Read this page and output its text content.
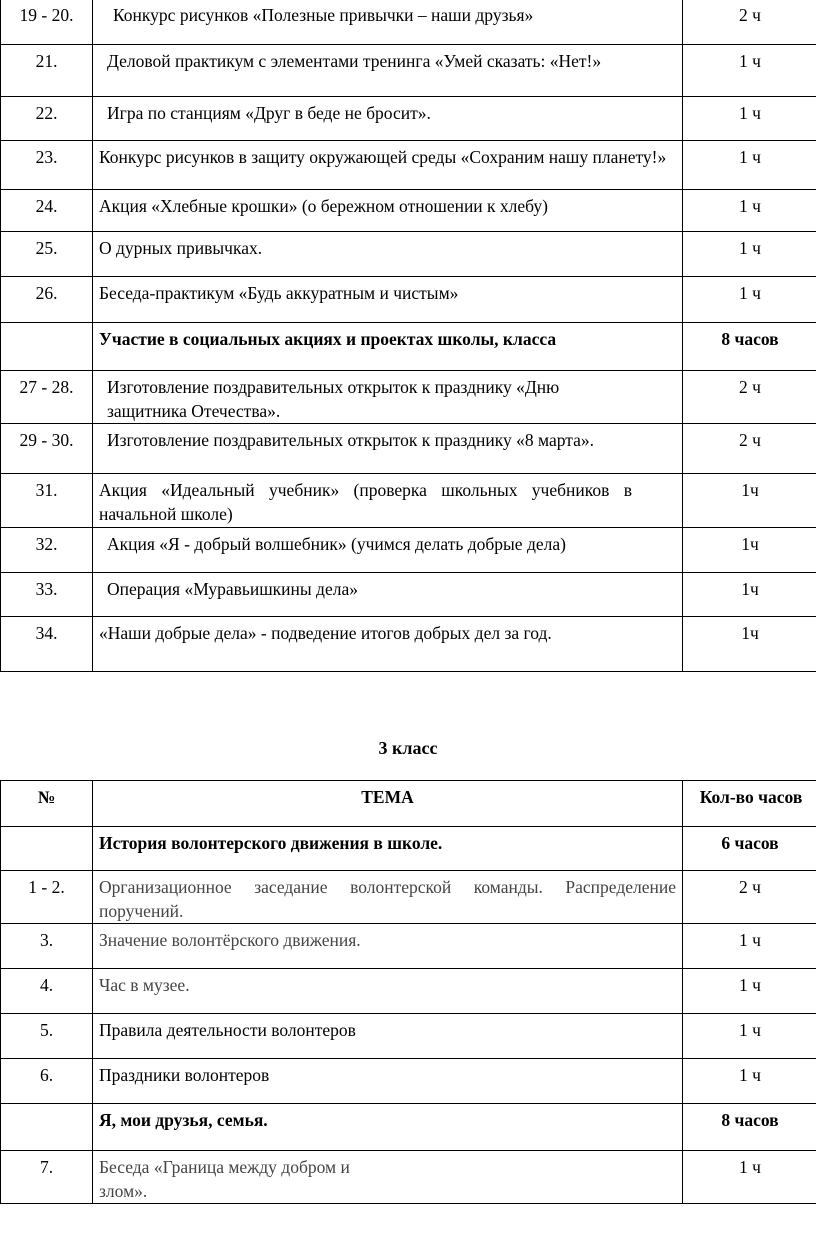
19 - 20.	Конкурс рисунков «Полезные привычки – наши друзья»	2 ч
21.	Деловой практикум с элементами тренинга «Умей сказать: «Нет!»	1 ч
22.	Игра по станциям «Друг в беде не бросит».	1 ч
23.	Конкурс рисунков в защиту окружающей среды «Сохраним нашу планету!»	1 ч
24.	Акция «Хлебные крошки» (о бережном отношении к хлебу)	1 ч
25.	О дурных привычках.	1 ч
26.	Беседа-практикум «Будь аккуратным и чистым»	1 ч
	Участие в социальных акциях и проектах школы, класса	8 часов
27 - 28.	Изготовление поздравительных открыток к празднику «Дню защитника Отечества».	2 ч
29 - 30.	Изготовление поздравительных открыток к празднику «8 марта».	2 ч
31.	Акция «Идеальный учебник» (проверка школьных учебников в начальной школе)	1ч
32.	Акция «Я - добрый волшебник» (учимся делать добрые дела)	1ч
33.	Операция «Муравьишкины дела»	1ч
34.	«Наши добрые дела» - подведение итогов добрых дел за год.	1ч
3 класс
№	ТЕМА	Кол-во часов
	История волонтерского движения в школе.	6 часов
1 - 2.	Организационное заседание волонтерской команды. Распределение поручений.	2 ч
3.	Значение волонтёрского движения.	1 ч
4.	Час в музее.	1 ч
5.	Правила деятельности волонтеров	1 ч
6.	Праздники волонтеров	1 ч
	Я, мои друзья, семья.	8 часов
7.	Беседа «Граница между добром и злом».	1 ч
